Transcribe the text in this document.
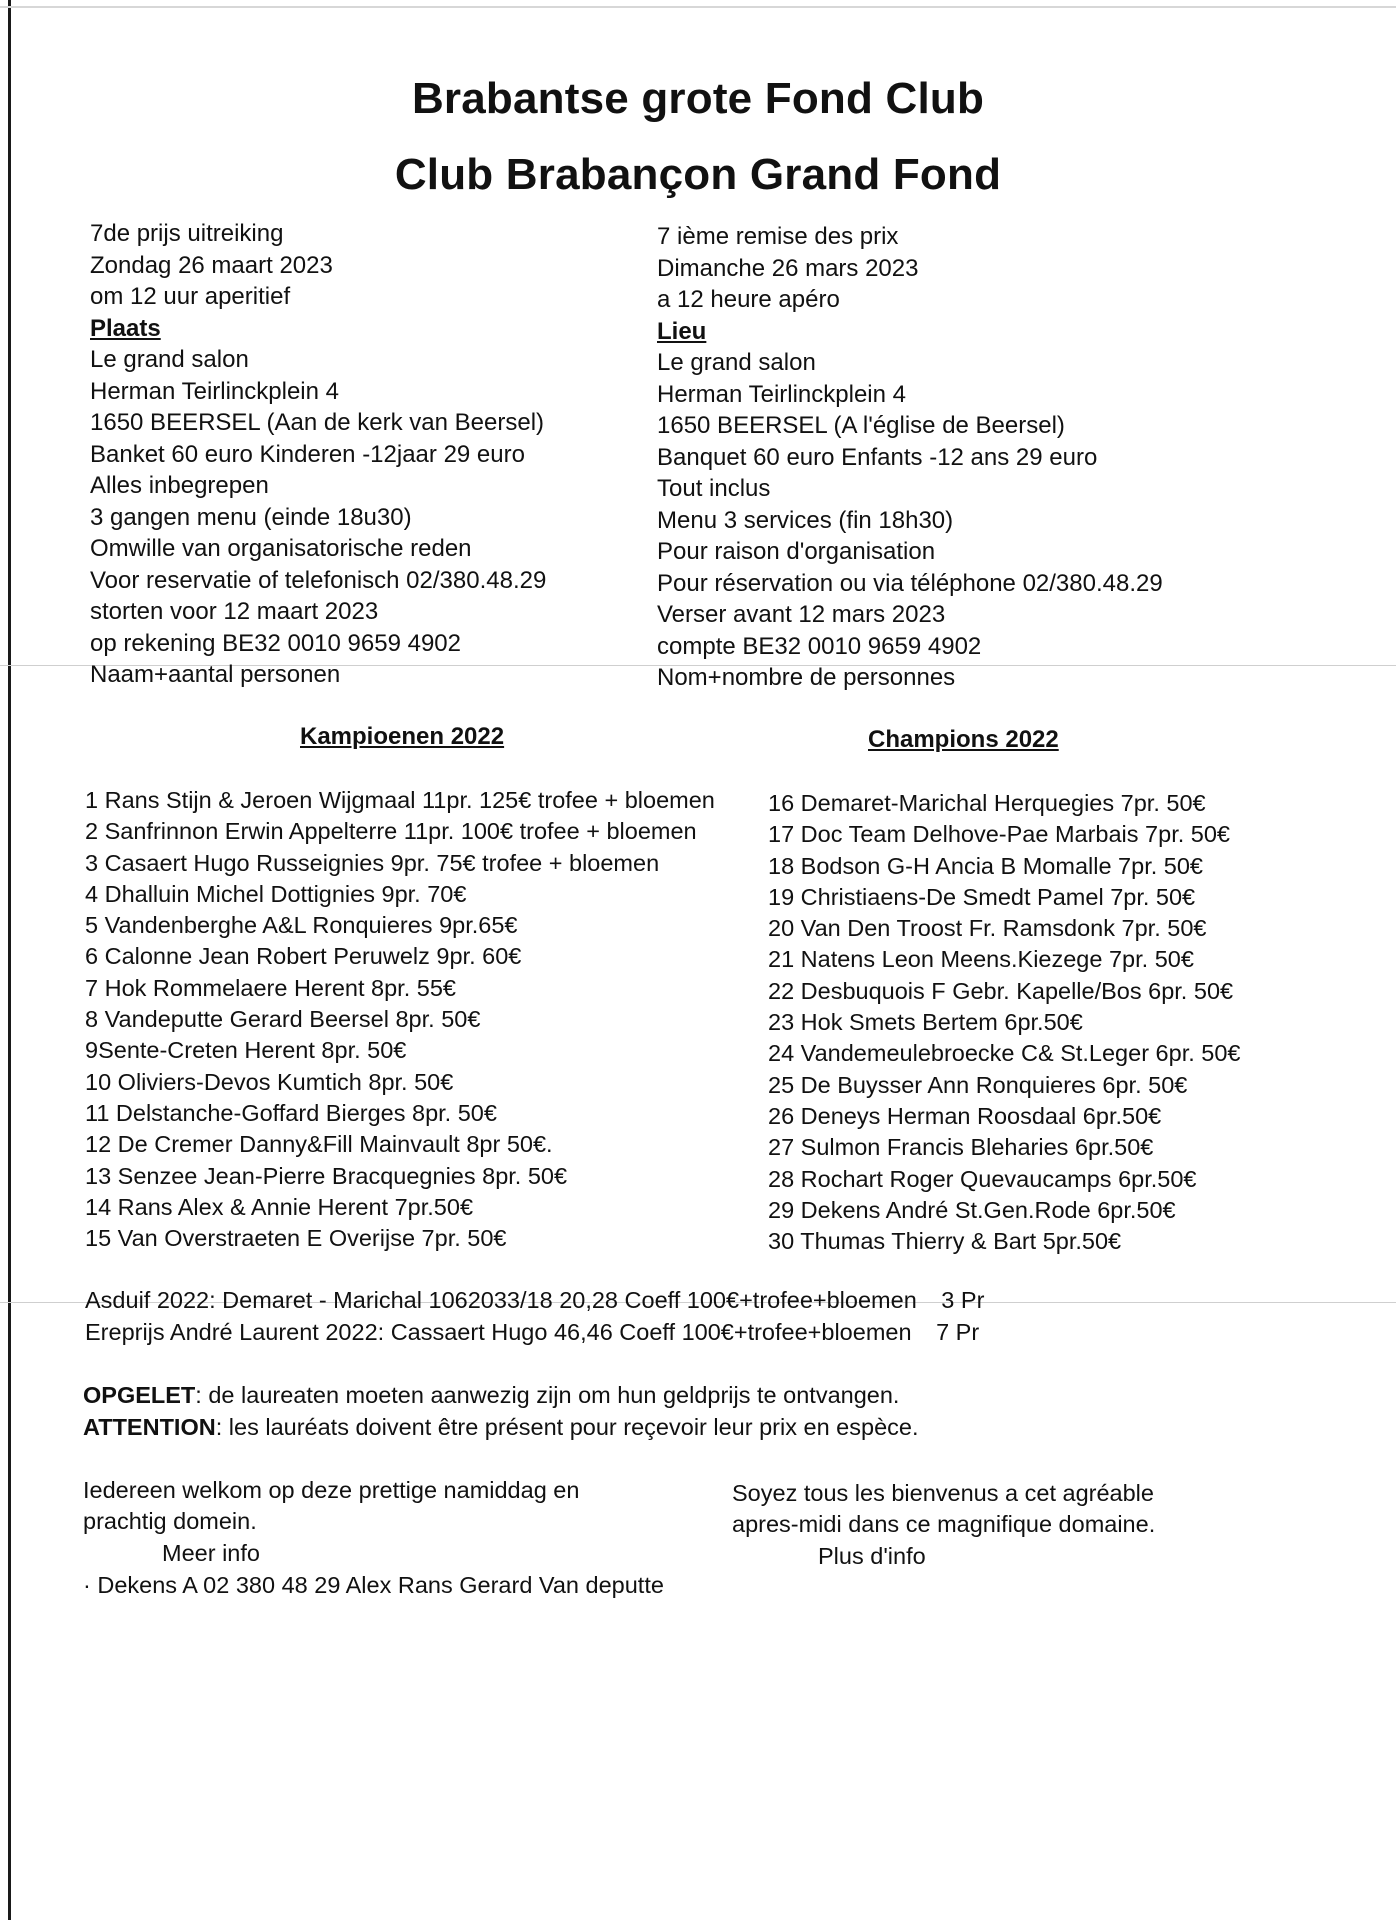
Brabantse grote Fond Club
Club Brabançon Grand Fond
7de prijs uitreiking
Zondag 26 maart 2023
om 12 uur aperitief
Plaats
Le grand salon
Herman Teirlinckplein 4
1650 BEERSEL (Aan de kerk van Beersel)
Banket 60 euro Kinderen -12jaar 29 euro
Alles inbegrepen
3 gangen menu (einde 18u30)
Omwille van organisatorische reden
Voor reservatie of telefonisch 02/380.48.29
storten voor 12 maart 2023
op rekening BE32 0010 9659 4902
Naam+aantal personen
7 ième remise des prix
Dimanche 26 mars 2023
a 12 heure apéro
Lieu
Le grand salon
Herman Teirlinckplein 4
1650 BEERSEL (A l'église de Beersel)
Banquet 60 euro Enfants -12 ans 29 euro
Tout inclus
Menu 3 services (fin 18h30)
Pour raison d'organisation
Pour réservation ou via téléphone 02/380.48.29
Verser avant 12 mars 2023
compte BE32 0010 9659 4902
Nom+nombre de personnes
Kampioenen 2022	Champions 2022
1 Rans Stijn & Jeroen Wijgmaal 11pr. 125€ trofee + bloemen
2 Sanfrinnon Erwin Appelterre 11pr. 100€ trofee + bloemen
3 Casaert Hugo Russeignies 9pr. 75€ trofee + bloemen
4 Dhalluin Michel Dottignies 9pr. 70€
5 Vandenberghe A&L Ronquieres 9pr.65€
6 Calonne Jean Robert Peruwelz 9pr. 60€
7 Hok Rommelaere Herent 8pr. 55€
8 Vandeputte Gerard Beersel 8pr. 50€
9Sente-Creten Herent 8pr. 50€
10 Oliviers-Devos Kumtich 8pr. 50€
11 Delstanche-Goffard Bierges 8pr. 50€
12 De Cremer Danny&Fill Mainvault 8pr 50€.
13 Senzee Jean-Pierre Bracquegnies 8pr. 50€
14 Rans Alex & Annie Herent 7pr.50€
15 Van Overstraeten E Overijse 7pr. 50€
16 Demaret-Marichal Herquegies 7pr. 50€
17 Doc Team Delhove-Pae Marbais 7pr. 50€
18 Bodson G-H Ancia B Momalle 7pr. 50€
19 Christiaens-De Smedt Pamel 7pr. 50€
20 Van Den Troost Fr. Ramsdonk 7pr. 50€
21 Natens Leon Meens.Kiezege 7pr. 50€
22 Desbuquois F Gebr. Kapelle/Bos 6pr. 50€
23 Hok Smets Bertem 6pr.50€
24 Vandemeulebroecke C& St.Leger 6pr. 50€
25 De Buysser Ann Ronquieres 6pr. 50€
26 Deneys Herman Roosdaal 6pr.50€
27 Sulmon Francis Bleharies 6pr.50€
28 Rochart Roger Quevaucamps 6pr.50€
29 Dekens André St.Gen.Rode 6pr.50€
30 Thumas Thierry & Bart 5pr.50€
Asduif 2022: Demaret - Marichal 1062033/18 20,28 Coeff 100€+trofee+bloemen 3 Pr
Ereprijs André Laurent 2022: Cassaert Hugo 46,46 Coeff 100€+trofee+bloemen 7 Pr
OPGELET: de laureaten moeten aanwezig zijn om hun geldprijs te ontvangen.
ATTENTION: les lauréats doivent être présent pour reçevoir leur prix en espèce.
Iedereen welkom op deze prettige namiddag en
prachtig domein.
Meer info
· Dekens A 02 380 48 29 Alex Rans Gerard Van deputte
Soyez tous les bienvenus a cet agréable
apres-midi dans ce magnifique domaine.
Plus d'info
